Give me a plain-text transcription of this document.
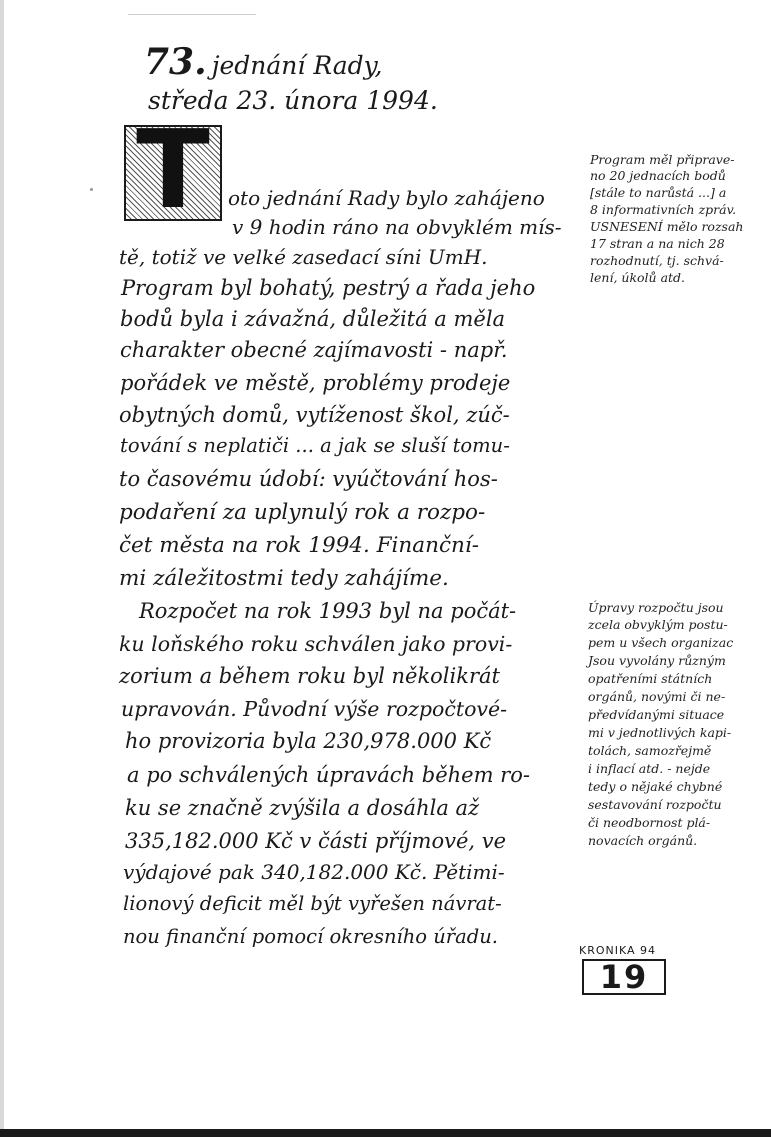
73. jednání Rady,
středa 23. února 1994.
T oto jednání Rady bylo zahájeno
v 9 hodin ráno na obvyklém mís-
tě, totiž ve velké zasedací síni UmH.
Program byl bohatý, pestrý a řada jeho
bodů byla i závažná, důležitá a měla
charakter obecné zajímavosti - např.
pořádek ve městě, problémy prodeje
obytných domů, vytíženost škol, zúč-
tování s neplatiči ... a jak se sluší tomu-
to časovému údobí: vyúčtování hos-
podaření za uplynulý rok a rozpo-
čet města na rok 1994. Finanční-
mi záležitostmi tedy zahájíme.
Rozpočet na rok 1993 byl na počát-
ku loňského roku schválen jako provi-
zorium a během roku byl několikrát
upravován. Původní výše rozpočtové-
ho provizoria byla 230,978.000 Kč
a po schválených úpravách během ro-
ku se značně zvýšila a dosáhla až
335,182.000 Kč v části příjmové, ve
výdajové pak 340,182.000 Kč. Pětimi-
lionový deficit měl být vyřešen návrat-
nou finanční pomocí okresního úřadu.
Program měl připrave-
no 20 jednacích bodů
[stále to narůstá ...] a
8 informativních zpráv.
USNESENÍ mělo rozsah
17 stran a na nich 28
rozhodnutí, tj. schvá-
lení, úkolů atd.
Úpravy rozpočtu jsou
zcela obvyklým postu-
pem u všech organizac
Jsou vyvolány různým
opatřeními státních
orgánů, novými či ne-
předvídanými situace
mi v jednotlivých kapi-
tolách, samozřejmě
i inflací atd. - nejde
tedy o nějaké chybné
sestavování rozpočtu
či neodbornost plá-
novacích orgánů.
KRONIKA 94
19
